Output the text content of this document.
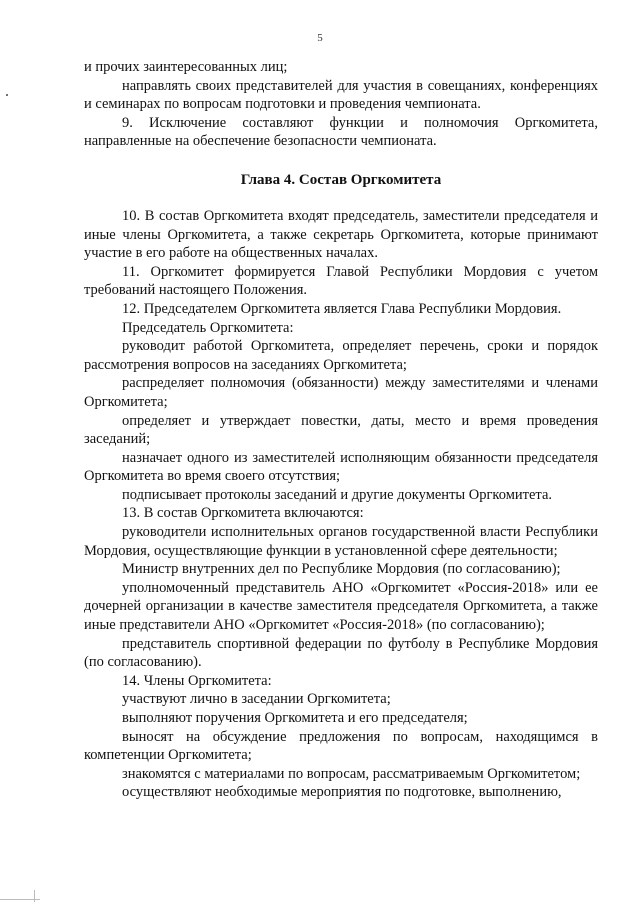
5

и прочих заинтересованных лиц;

направлять своих представителей для участия в совещаниях, конференциях и семинарах по вопросам подготовки и проведения чемпионата.

9. Исключение составляют функции и полномочия Оргкомитета, направленные на обеспечение безопасности чемпионата.

Глава 4. Состав Оргкомитета

10. В состав Оргкомитета входят председатель, заместители председателя и иные члены Оргкомитета, а также секретарь Оргкомитета, которые принимают участие в его работе на общественных началах.

11. Оргкомитет формируется Главой Республики Мордовия с учетом требований настоящего Положения.

12. Председателем Оргкомитета является Глава Республики Мордовия.

Председатель Оргкомитета:

руководит работой Оргкомитета, определяет перечень, сроки и порядок рассмотрения вопросов на заседаниях Оргкомитета;

распределяет полномочия (обязанности) между заместителями и членами Оргкомитета;

определяет и утверждает повестки, даты, место и время проведения заседаний;

назначает одного из заместителей исполняющим обязанности председателя Оргкомитета во время своего отсутствия;

подписывает протоколы заседаний и другие документы Оргкомитета.

13. В состав Оргкомитета включаются:

руководители исполнительных органов государственной власти Республики Мордовия, осуществляющие функции в установленной сфере деятельности;

Министр внутренних дел по Республике Мордовия (по согласованию);

уполномоченный представитель АНО «Оргкомитет «Россия-2018» или ее дочерней организации в качестве заместителя председателя Оргкомитета, а также иные представители АНО «Оргкомитет «Россия-2018» (по согласованию);

представитель спортивной федерации по футболу в Республике Мордовия (по согласованию).

14. Члены Оргкомитета:

участвуют лично в заседании Оргкомитета;

выполняют поручения Оргкомитета и его председателя;

выносят на обсуждение предложения по вопросам, находящимся в компетенции Оргкомитета;

знакомятся с материалами по вопросам, рассматриваемым Оргкомитетом;

осуществляют необходимые мероприятия по подготовке, выполнению,
